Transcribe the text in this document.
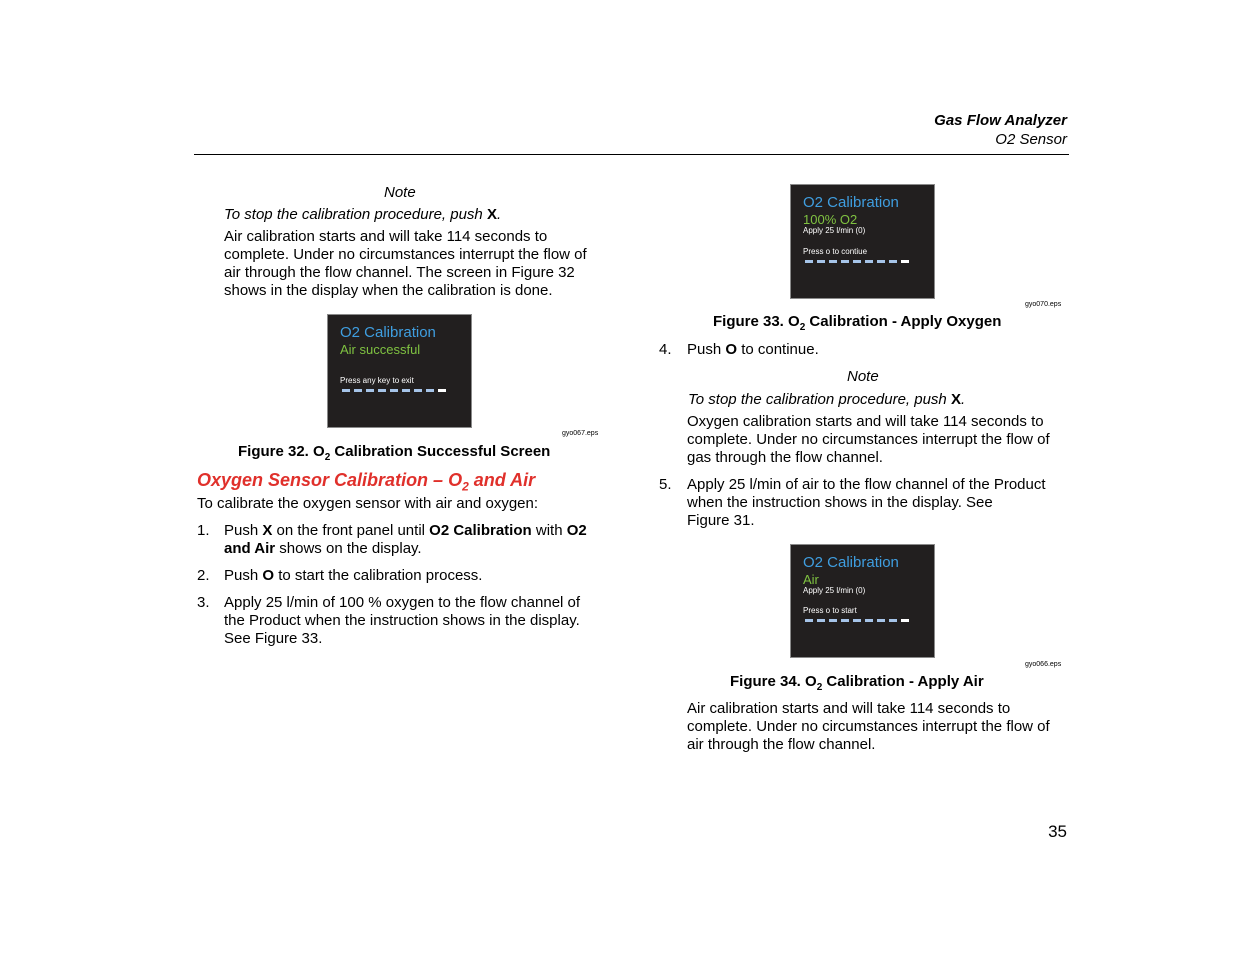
Gas Flow Analyzer
O2 Sensor
Note
To stop the calibration procedure, push X.
Air calibration starts and will take 114 seconds to
complete. Under no circumstances interrupt the flow of
air through the flow channel. The screen in Figure 32
shows in the display when the calibration is done.
O2 Calibration
Air successful
Press any key to exit
gyo067.eps
Figure 32. $O_2$ Calibration Successful Screen
Oxygen Sensor Calibration – $O_2$ and Air
To calibrate the oxygen sensor with air and oxygen:
1. Push X on the front panel until O2 Calibration with O2
and Air shows on the display.
2. Push O to start the calibration process.
3. Apply 25 l/min of 100 % oxygen to the flow channel of
the Product when the instruction shows in the display.
See Figure 33.
O2 Calibration
100% O2
Apply 25 l/min (0)
Press o to contiue
gyo070.eps
Figure 33. $O_2$ Calibration - Apply Oxygen
4. Push O to continue.
Note
To stop the calibration procedure, push X.
Oxygen calibration starts and will take 114 seconds to
complete. Under no circumstances interrupt the flow of
gas through the flow channel.
5. Apply 25 l/min of air to the flow channel of the Product
when the instruction shows in the display. See
Figure 31.
O2 Calibration
Air
Apply 25 l/min (0)
Press o to start
gyo066.eps
Figure 34. $O_2$ Calibration - Apply Air
Air calibration starts and will take 114 seconds to
complete. Under no circumstances interrupt the flow of
air through the flow channel.
35
